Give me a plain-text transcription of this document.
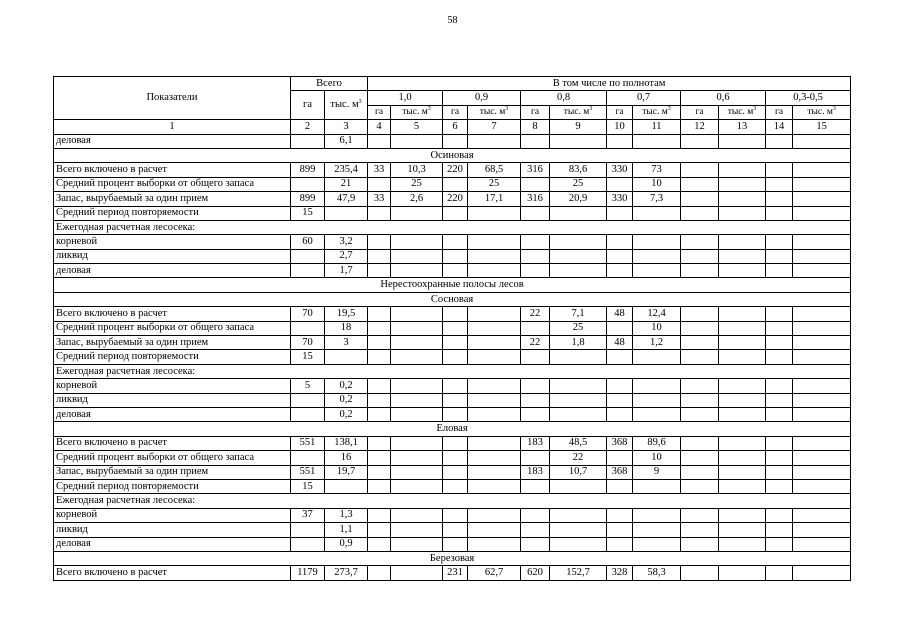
58
Показатели	Всего		В том числе по полнотам											
	га	тыс. $м^3$	1,0		0,9		0,8		0,7		0,6		0,3-0,5	
			га	тыс. $м^3$	га	тыс. $м^3$	га	тыс. $м^3$	га	тыс. $м^3$	га	тыс. $м^3$	га	тыс. $м^3$
1	2	3	4	5	6	7	8	9	10	11	12	13	14	15
деловая		6,1												
Осиновая														
Всего включено в расчет	899	235,4	33	10,3	220	68,5	316	83,6	330	73				
Средний процент выборки от общего запаса		21		25		25		25		10				
Запас, вырубаемый за один прием	899	47,9	33	2,6	220	17,1	316	20,9	330	7,3				
Средний период повторяемости	15													
Ежегодная расчетная лесосека:														
корневой	60	3,2												
ликвид		2,7												
деловая		1,7												
Нерестоохранные полосы лесов														
Сосновая														
Всего включено в расчет	70	19,5					22	7,1	48	12,4				
Средний процент выборки от общего запаса		18						25		10				
Запас, вырубаемый за один прием	70	3					22	1,8	48	1,2				
Средний период повторяемости	15													
Ежегодная расчетная лесосека:														
корневой	5	0,2												
ликвид		0,2												
деловая		0,2												
Еловая														
Всего включено в расчет	551	138,1					183	48,5	368	89,6				
Средний процент выборки от общего запаса		16						22		10				
Запас, вырубаемый за один прием	551	19,7					183	10,7	368	9				
Средний период повторяемости	15													
Ежегодная расчетная лесосека:														
корневой	37	1,3												
ликвид		1,1												
деловая		0,9												
Березовая														
Всего включено в расчет	1179	273,7			231	62,7	620	152,7	328	58,3				
